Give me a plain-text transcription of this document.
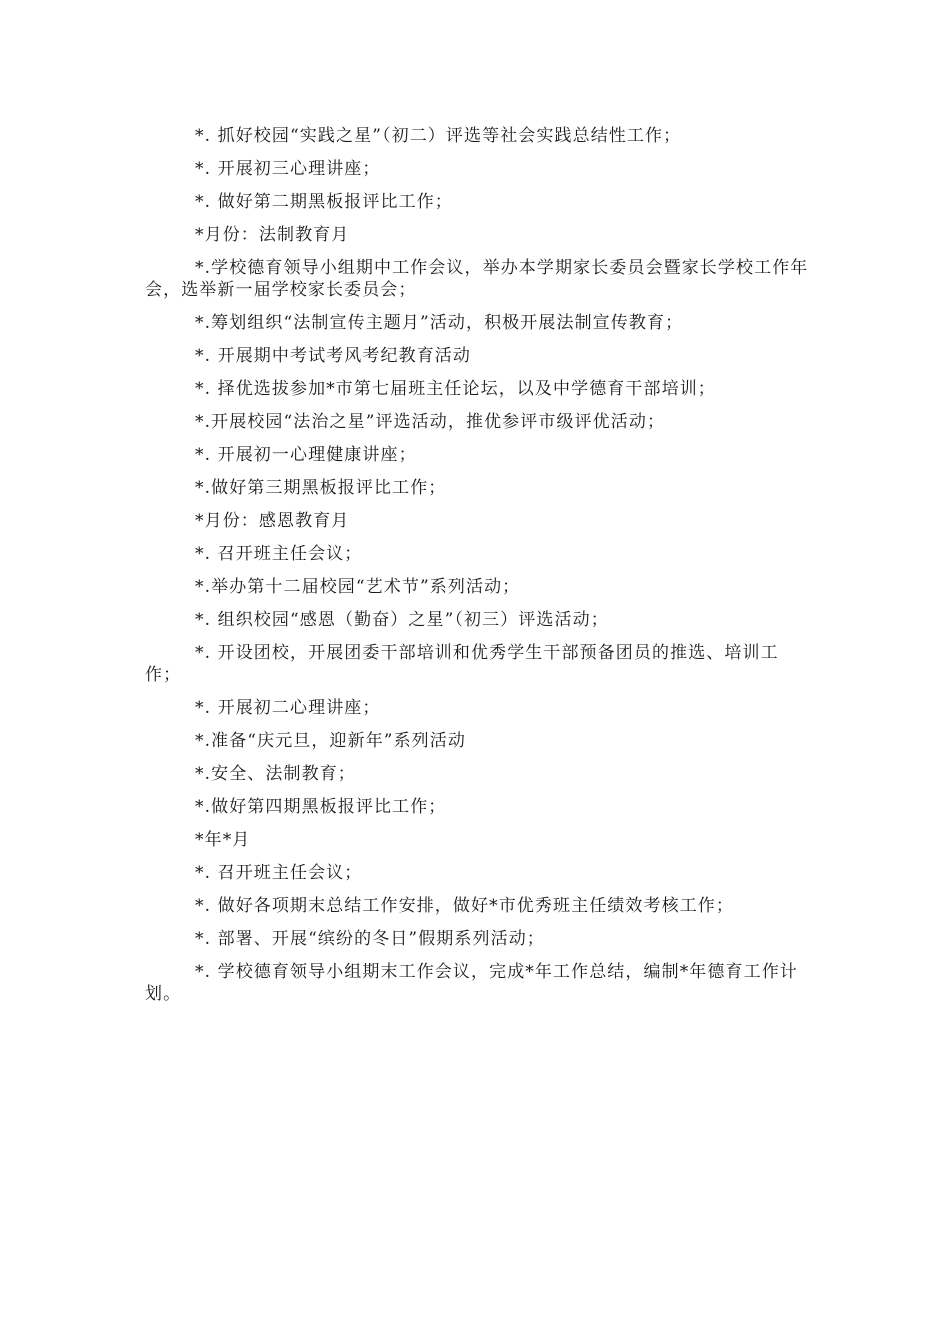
*. 抓好校园“实践之星”（初二）评选等社会实践总结性工作；

*. 开展初三心理讲座；

*. 做好第二期黑板报评比工作；

*月份：法制教育月

*.学校德育领导小组期中工作会议，举办本学期家长委员会暨家长学校工作年会，选举新一届学校家长委员会；

*.筹划组织“法制宣传主题月”活动，积极开展法制宣传教育；

*. 开展期中考试考风考纪教育活动

*. 择优选拔参加*市第七届班主任论坛，以及中学德育干部培训；

*.开展校园“法治之星”评选活动，推优参评市级评优活动；

*. 开展初一心理健康讲座；

*.做好第三期黑板报评比工作；

*月份：感恩教育月

*. 召开班主任会议；

*.举办第十二届校园“艺术节”系列活动；

*. 组织校园“感恩（勤奋）之星”（初三）评选活动；

*. 开设团校，开展团委干部培训和优秀学生干部预备团员的推选、培训工作；

*. 开展初二心理讲座；

*.准备“庆元旦，迎新年”系列活动

*.安全、法制教育；

*.做好第四期黑板报评比工作；

*年*月

*. 召开班主任会议；

*. 做好各项期末总结工作安排，做好*市优秀班主任绩效考核工作；

*. 部署、开展“缤纷的冬日”假期系列活动；

*. 学校德育领导小组期末工作会议，完成*年工作总结，编制*年德育工作计划。
